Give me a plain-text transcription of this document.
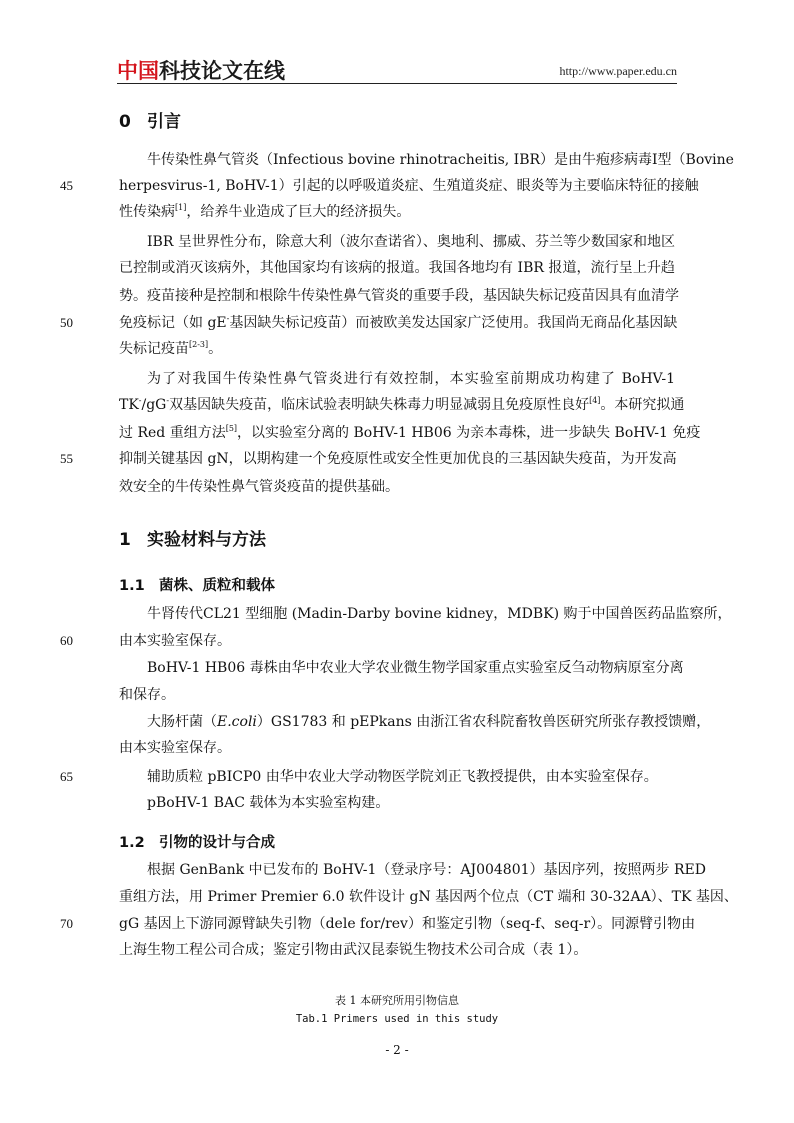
中国科技论文在线	http://www.paper.edu.cn
0 引言
牛传染性鼻气管炎（Infectious bovine rhinotracheitis, IBR）是由牛疱疹病毒Ⅰ型（Bovine
45	herpesvirus-1, BoHV-1）引起的以呼吸道炎症、生殖道炎症、眼炎等为主要临床特征的接触
性传染病[1]，给养牛业造成了巨大的经济损失。
IBR 呈世界性分布，除意大利（波尔查诺省）、奥地利、挪威、芬兰等少数国家和地区
已控制或消灭该病外，其他国家均有该病的报道。我国各地均有 IBR 报道，流行呈上升趋
势。疫苗接种是控制和根除牛传染性鼻气管炎的重要手段，基因缺失标记疫苗因具有血清学
50	免疫标记（如 gE-基因缺失标记疫苗）而被欧美发达国家广泛使用。我国尚无商品化基因缺
失标记疫苗[2-3]。
为了对我国牛传染性鼻气管炎进行有效控制，本实验室前期成功构建了 BoHV-1
TK-/gG-双基因缺失疫苗，临床试验表明缺失株毒力明显减弱且免疫原性良好[4]。本研究拟通
过 Red 重组方法[5]，以实验室分离的 BoHV-1 HB06 为亲本毒株，进一步缺失 BoHV-1 免疫
55	抑制关键基因 gN，以期构建一个免疫原性或安全性更加优良的三基因缺失疫苗，为开发高
效安全的牛传染性鼻气管炎疫苗的提供基础。
1 实验材料与方法
1.1 菌株、质粒和载体
牛肾传代CL21 型细胞 (Madin-Darby bovine kidney，MDBK) 购于中国兽医药品监察所，
60	由本实验室保存。
BoHV-1 HB06 毒株由华中农业大学农业微生物学国家重点实验室反刍动物病原室分离
和保存。
大肠杆菌（E.coli）GS1783 和 pEPkans 由浙江省农科院畜牧兽医研究所张存教授馈赠，
由本实验室保存。
65	辅助质粒 pBICP0 由华中农业大学动物医学院刘正飞教授提供，由本实验室保存。
pBoHV-1 BAC 载体为本实验室构建。
1.2 引物的设计与合成
根据 GenBank 中已发布的 BoHV-1（登录序号：AJ004801）基因序列，按照两步 RED
重组方法，用 Primer Premier 6.0 软件设计 gN 基因两个位点（CT 端和 30-32AA）、TK 基因、
70	gG 基因上下游同源臂缺失引物（dele for/rev）和鉴定引物（seq-f、seq-r）。同源臂引物由
上海生物工程公司合成；鉴定引物由武汉昆泰锐生物技术公司合成（表 1）。
表 1 本研究所用引物信息
Tab.1 Primers used in this study
- 2 -
